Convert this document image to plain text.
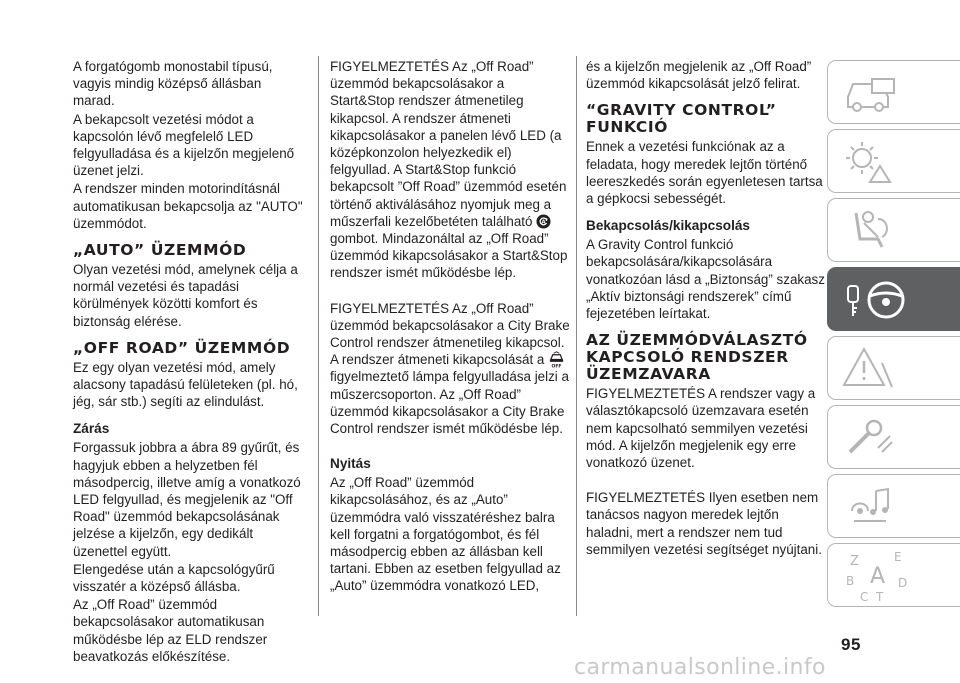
A forgatógomb monostabil típusú, vagyis mindig középső állásban marad.

A bekapcsolt vezetési módot a kapcsolón lévő megfelelő LED felgyulladása és a kijelzőn megjelenő üzenet jelzi.

A rendszer minden motorindításnál automatikusan bekapcsolja az "AUTO" üzemmódot.

„AUTO” ÜZEMMÓD

Olyan vezetési mód, amelynek célja a normál vezetési és tapadási körülmények közötti komfort és biztonság elérése.

„OFF ROAD” ÜZEMMÓD

Ez egy olyan vezetési mód, amely alacsony tapadású felületeken (pl. hó, jég, sár stb.) segíti az elindulást.

Zárás

Forgassuk jobbra a ábra 89 gyűrűt, és hagyjuk ebben a helyzetben fél másodpercig, illetve amíg a vonatkozó LED felgyullad, és megjelenik az "Off Road" üzemmód bekapcsolásának jelzése a kijelzőn, egy dedikált üzenettel együtt.

Elengedése után a kapcsológyűrű visszatér a középső állásba.

Az „Off Road” üzemmód bekapcsolásakor automatikusan működésbe lép az ELD rendszer beavatkozás előkészítése.

FIGYELMEZTETÉS Az „Off Road” üzemmód bekapcsolásakor a Start&Stop rendszer átmenetileg kikapcsol. A rendszer átmeneti kikapcsolásakor a panelen lévő LED (a középkonzolon helyezkedik el) felgyullad. A Start&Stop funkció bekapcsolt ”Off Road” üzemmód esetén történő aktiválásához nyomjuk meg a műszerfali kezelőbetéten található A
gombot. Mindazonáltal az „Off Road” üzemmód kikapcsolásakor a Start&Stop rendszer ismét működésbe lép.

FIGYELMEZTETÉS Az „Off Road” üzemmód bekapcsolásakor a City Brake Control rendszer átmenetileg kikapcsol. A rendszer átmeneti kikapcsolását a OFF
figyelmeztető lámpa felgyulladása jelzi a műszercsoporton. Az „Off Road” üzemmód kikapcsolásakor a City Brake Control rendszer ismét működésbe lép.

Nyitás

Az „Off Road” üzemmód kikapcsolásához, és az „Auto” üzemmódra való visszatéréshez balra kell forgatni a forgatógombot, és fél másodpercig ebben az állásban kell tartani. Ebben az esetben felgyullad az „Auto” üzemmódra vonatkozó LED,

és a kijelzőn megjelenik az „Off Road” üzemmód kikapcsolását jelző felirat.

“GRAVITY CONTROL” FUNKCIÓ

Ennek a vezetési funkciónak az a feladata, hogy meredek lejtőn történő leereszkedés során egyenletesen tartsa a gépkocsi sebességét.

Bekapcsolás/kikapcsolás

A Gravity Control funkció bekapcsolására/kikapcsolására vonatkozóan lásd a „Biztonság” szakasz „Aktív biztonsági rendszerek” című fejezetében leírtakat.

AZ ÜZEMMÓDVÁLASZTÓ KAPCSOLÓ RENDSZER ÜZEMZAVARA

FIGYELMEZTETÉS A rendszer vagy a választókapcsoló üzemzavara esetén nem kapcsolható semmilyen vezetési mód. A kijelzőn megjelenik egy erre vonatkozó üzenet.

FIGYELMEZTETÉS Ilyen esetben nem tanácsos nagyon meredek lejtőn haladni, mert a rendszer nem tud semmilyen vezetési segítséget nyújtani.

Z	E
B A
C T
D
95
carmanualsonline.info
